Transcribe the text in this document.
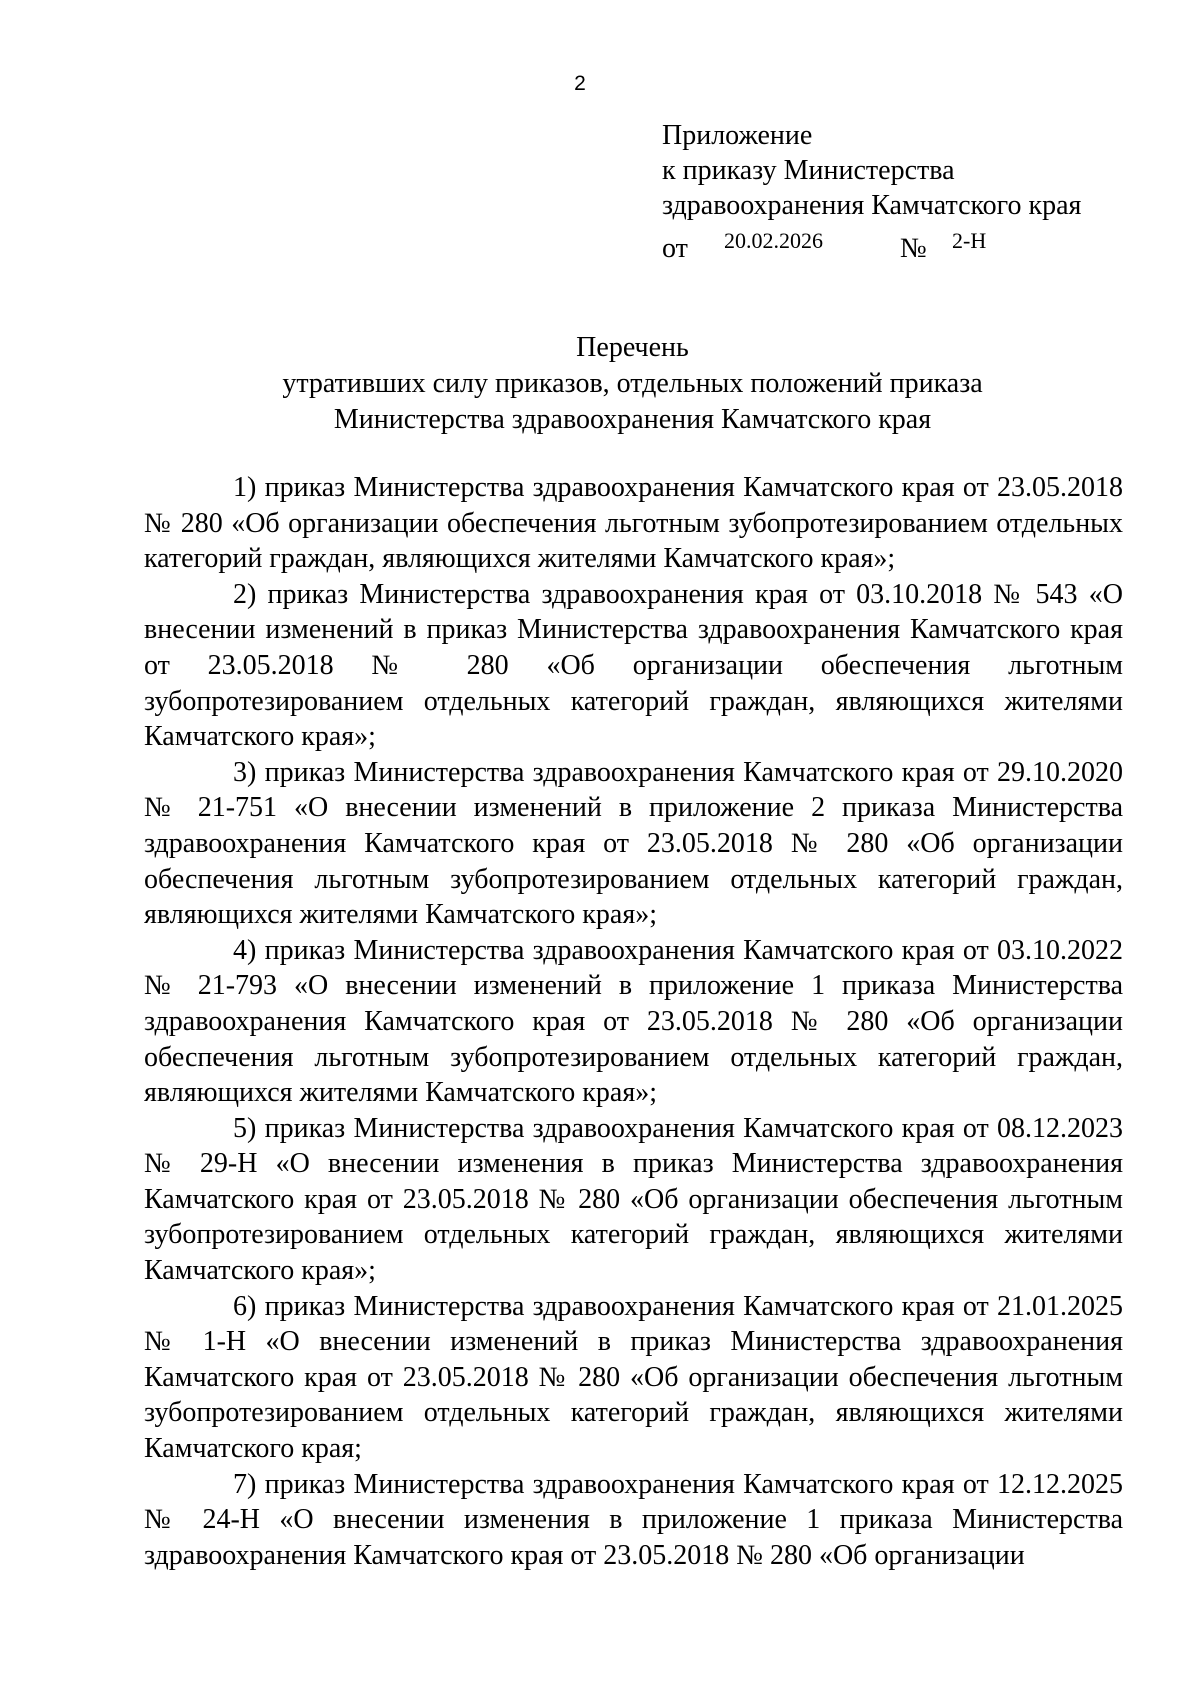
2
Приложение
к приказу Министерства
здравоохранения Камчатского края
от 20.02.2026	№ 2-Н
Перечень
утративших силу приказов, отдельных положений приказа
Министерства здравоохранения Камчатского края

1) приказ Министерства здравоохранения Камчатского края от 23.05.2018 № 280 «Об организации обеспечения льготным зубопротезированием отдельных категорий граждан, являющихся жителями Камчатского края»;

2) приказ Министерства здравоохранения края от 03.10.2018 № 543 «О внесении изменений в приказ Министерства здравоохранения Камчатского края от 23.05.2018 № 280 «Об организации обеспечения льготным зубопротезированием отдельных категорий граждан, являющихся жителями Камчатского края»;

3) приказ Министерства здравоохранения Камчатского края от 29.10.2020 № 21-751 «О внесении изменений в приложение 2 приказа Министерства здравоохранения Камчатского края от 23.05.2018 № 280 «Об организации обеспечения льготным зубопротезированием отдельных категорий граждан, являющихся жителями Камчатского края»;

4) приказ Министерства здравоохранения Камчатского края от 03.10.2022 № 21-793 «О внесении изменений в приложение 1 приказа Министерства здравоохранения Камчатского края от 23.05.2018 № 280 «Об организации обеспечения льготным зубопротезированием отдельных категорий граждан, являющихся жителями Камчатского края»;

5) приказ Министерства здравоохранения Камчатского края от 08.12.2023 № 29-Н «О внесении изменения в приказ Министерства здравоохранения Камчатского края от 23.05.2018 № 280 «Об организации обеспечения льготным зубопротезированием отдельных категорий граждан, являющихся жителями Камчатского края»;

6) приказ Министерства здравоохранения Камчатского края от 21.01.2025 № 1-Н «О внесении изменений в приказ Министерства здравоохранения Камчатского края от 23.05.2018 № 280 «Об организации обеспечения льготным зубопротезированием отдельных категорий граждан, являющихся жителями Камчатского края;

7) приказ Министерства здравоохранения Камчатского края от 12.12.2025 № 24-Н «О внесении изменения в приложение 1 приказа Министерства здравоохранения Камчатского края от 23.05.2018 № 280 «Об организации
